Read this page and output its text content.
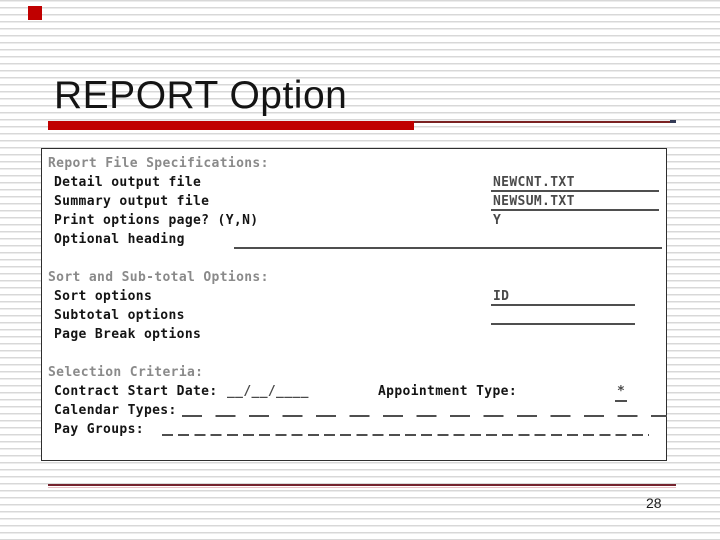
REPORT Option
Report File Specifications:
Detail output file	NEWCNT.TXT
Summary output file	NEWSUM.TXT
Print options page? (Y,N)	Y
Optional heading
Sort and Sub-total Options:
Sort options	ID
Subtotal options
Page Break options
Selection Criteria:
Contract Start Date: __/__/____	Appointment Type:	*
Calendar Types:
Pay Groups:
28
